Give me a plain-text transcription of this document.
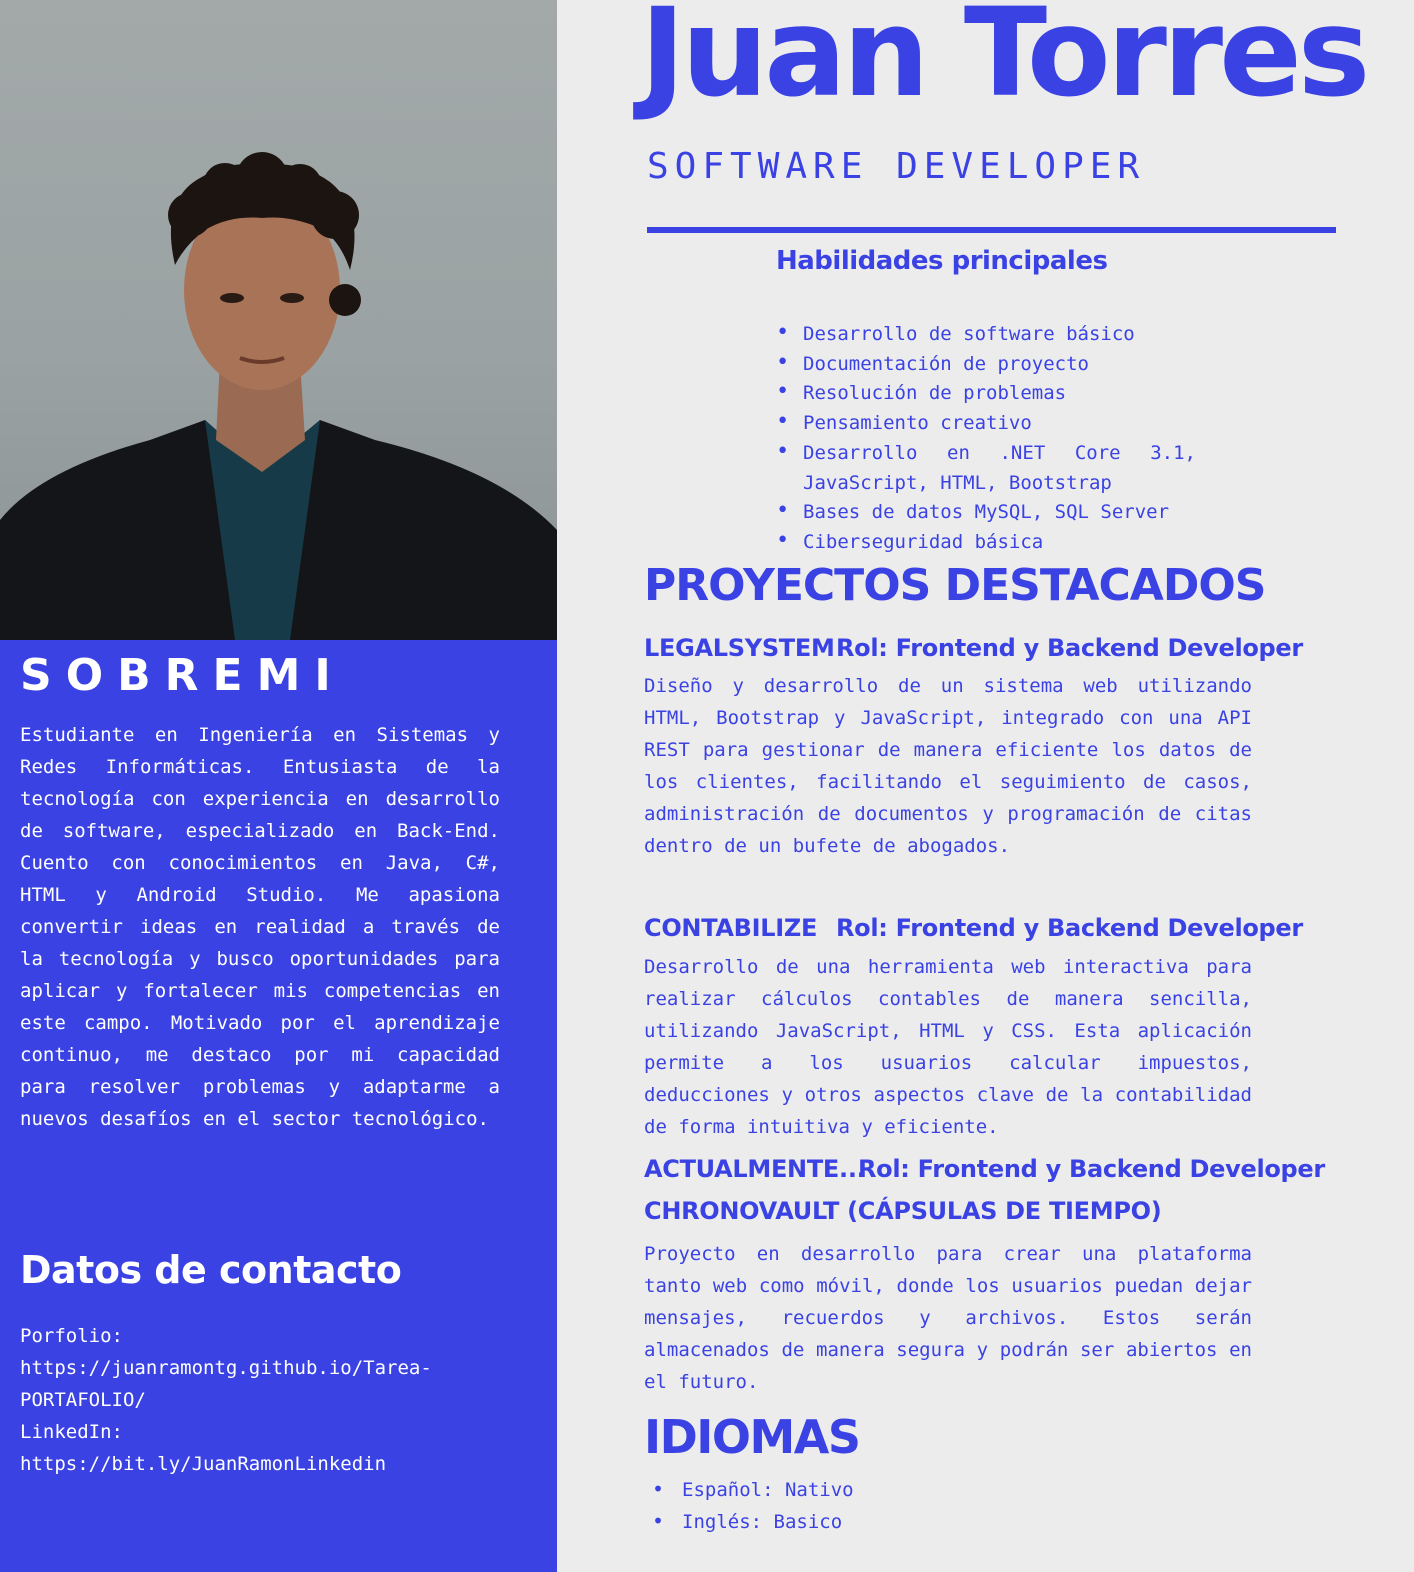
SOBREMI

Estudiante en Ingeniería en Sistemas y Redes Informáticas. Entusiasta de la tecnología con experiencia en desarrollo de software, especializado en Back-End. Cuento con conocimientos en Java, C#, HTML y Android Studio. Me apasiona convertir ideas en realidad a través de la tecnología y busco oportunidades para aplicar y fortalecer mis competencias en este campo. Motivado por el aprendizaje continuo, me destaco por mi capacidad para resolver problemas y adaptarme a nuevos desafíos en el sector tecnológico.

Datos de contacto
Porfolio:
https://juanramontg.github.io/Tarea-PORTAFOLIO/
LinkedIn:
https://bit.ly/JuanRamonLinkedin
Juan Torres
SOFTWARE DEVELOPER
Habilidades principales
• Desarrollo de software básico
• Documentación de proyecto
• Resolución de problemas
• Pensamiento creativo
• Desarrollo en .NET Core 3.1, JavaScript, HTML, Bootstrap
• Bases de datos MySQL, SQL Server
• Ciberseguridad básica
PROYECTOS DESTACADOS
LEGALSYSTEM Rol: Frontend y Backend Developer

Diseño y desarrollo de un sistema web utilizando HTML, Bootstrap y JavaScript, integrado con una API REST para gestionar de manera eficiente los datos de los clientes, facilitando el seguimiento de casos, administración de documentos y programación de citas dentro de un bufete de abogados.

CONTABILIZE Rol: Frontend y Backend Developer

Desarrollo de una herramienta web interactiva para realizar cálculos contables de manera sencilla, utilizando JavaScript, HTML y CSS. Esta aplicación permite a los usuarios calcular impuestos, deducciones y otros aspectos clave de la contabilidad de forma intuitiva y eficiente.

ACTUALMENTE...
Rol: Frontend y Backend Developer
CHRONOVAULT (CÁPSULAS DE TIEMPO)

Proyecto en desarrollo para crear una plataforma tanto web como móvil, donde los usuarios puedan dejar mensajes, recuerdos y archivos. Estos serán almacenados de manera segura y podrán ser abiertos en el futuro.

IDIOMAS
• Español: Nativo
• Inglés: Basico
